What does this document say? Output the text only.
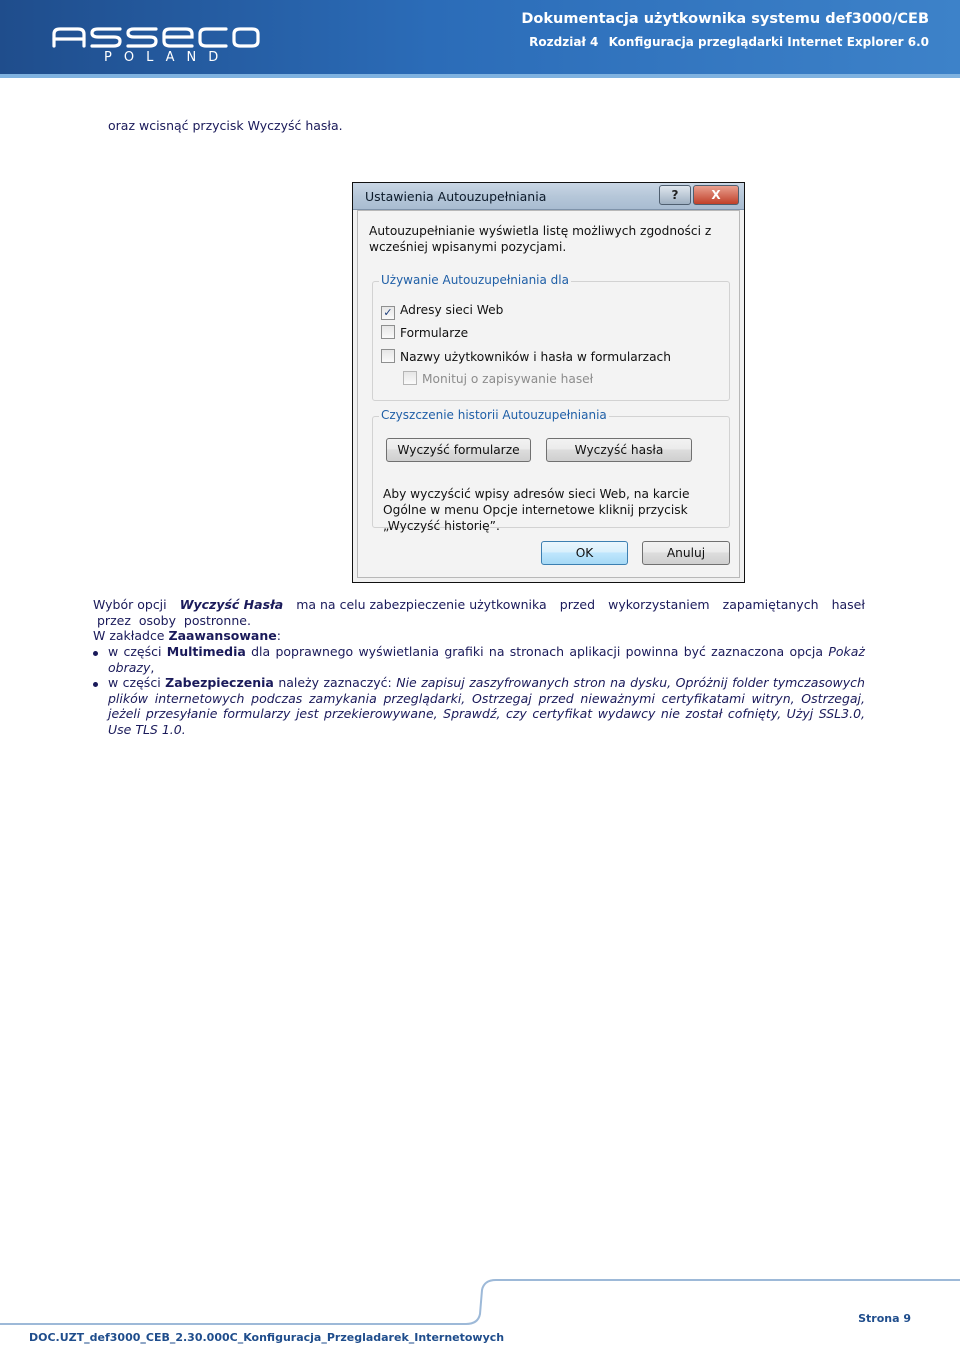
POLAND
Dokumentacja użytkownika systemu def3000/CEB
Rozdział 4 Konfiguracja przeglądarki Internet Explorer 6.0
oraz wcisnąć przycisk Wyczyść hasła.
Ustawienia Autouzupełniania	?	X
Autouzupełnianie wyświetla listę możliwych zgodności z
wcześniej wpisanymi pozycjami.
Używanie Autouzupełniania dla
✓ Adresy sieci Web
Formularze
Nazwy użytkowników i hasła w formularzach
Monituj o zapisywanie haseł
Czyszczenie historii Autouzupełniania
Wyczyść formularze	Wyczyść hasła
Aby wyczyścić wpisy adresów sieci Web, na karcie
Ogólne w menu Opcje internetowe kliknij przycisk
„Wyczyść historię”.
OK	Anuluj
Wybór opcji Wyczyść Hasła ma na celu zabezpieczenie użytkownika przed wykorzystaniem zapamiętanych haseł
przez  osoby  postronne.
W zakładce Zaawansowane:
w części Multimedia dla poprawnego wyświetlania grafiki na stronach aplikacji powinna być zaznaczona opcja Pokaż obrazy,
w części Zabezpieczenia należy zaznaczyć: Nie zapisuj zaszyfrowanych stron na dysku, Opróżnij folder tymczasowych plików internetowych podczas zamykania przeglądarki, Ostrzegaj przed nieważnymi certyfikatami witryn, Ostrzegaj, jeżeli przesyłanie formularzy jest przekierowywane, Sprawdź, czy certyfikat wydawcy nie został cofnięty, Użyj SSL3.0, Use TLS 1.0.
Strona 9
DOC.UZT_def3000_CEB_2.30.000C_Konfiguracja_Przegladarek_Internetowych
